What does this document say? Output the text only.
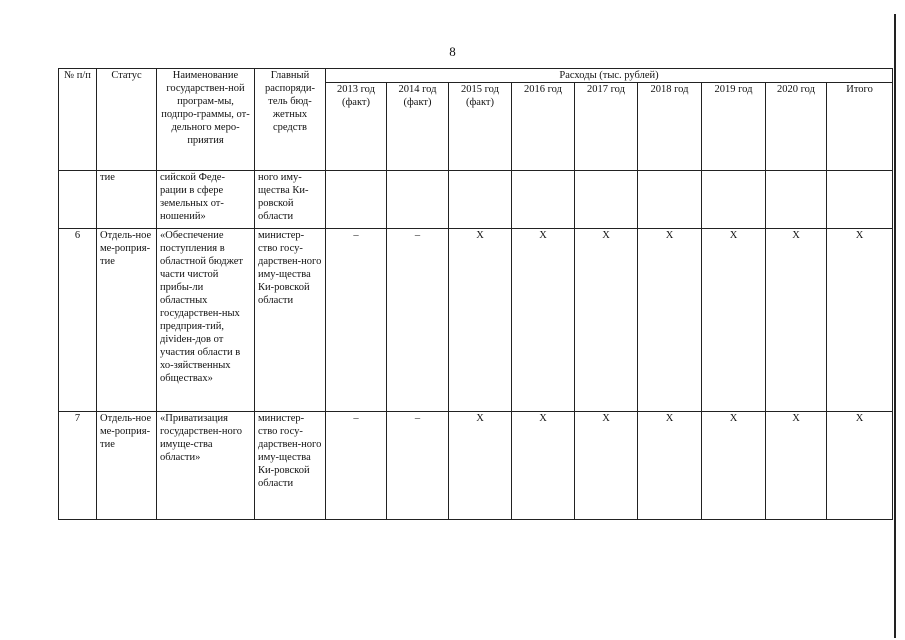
8
№ п/п	Статус	Наименование государствен-ной програм-мы, подпро-граммы, от-дельного меро-приятия	Главный распоряди-тель бюд-жетных средств	Расходы (тыс. рублей)								
				2013 год (факт)	2014 год (факт)	2015 год (факт)	2016 год	2017 год	2018 год	2019 год	2020 год	Итого
	тие	сийской Феде-рации в сфере земельных от-ношений»	ного иму-щества Ки-ровской области									
6	Отдель-ное ме-роприя-тие	«Обеспечение поступления в областной бюджет части чистой прибы-ли областных государствен-ных предприя-тий, дividен-дов от участия области в хо-зяйственных обществах»	министер-ство госу-дарствен-ного иму-щества Ки-ровской области	–	–	Х	Х	Х	Х	Х	Х	Х
7	Отдель-ное ме-роприя-тие	«Приватизация государствен-ного имуще-ства области»	министер-ство госу-дарствен-ного иму-щества Ки-ровской области	–	–	Х	Х	Х	Х	Х	Х	Х
